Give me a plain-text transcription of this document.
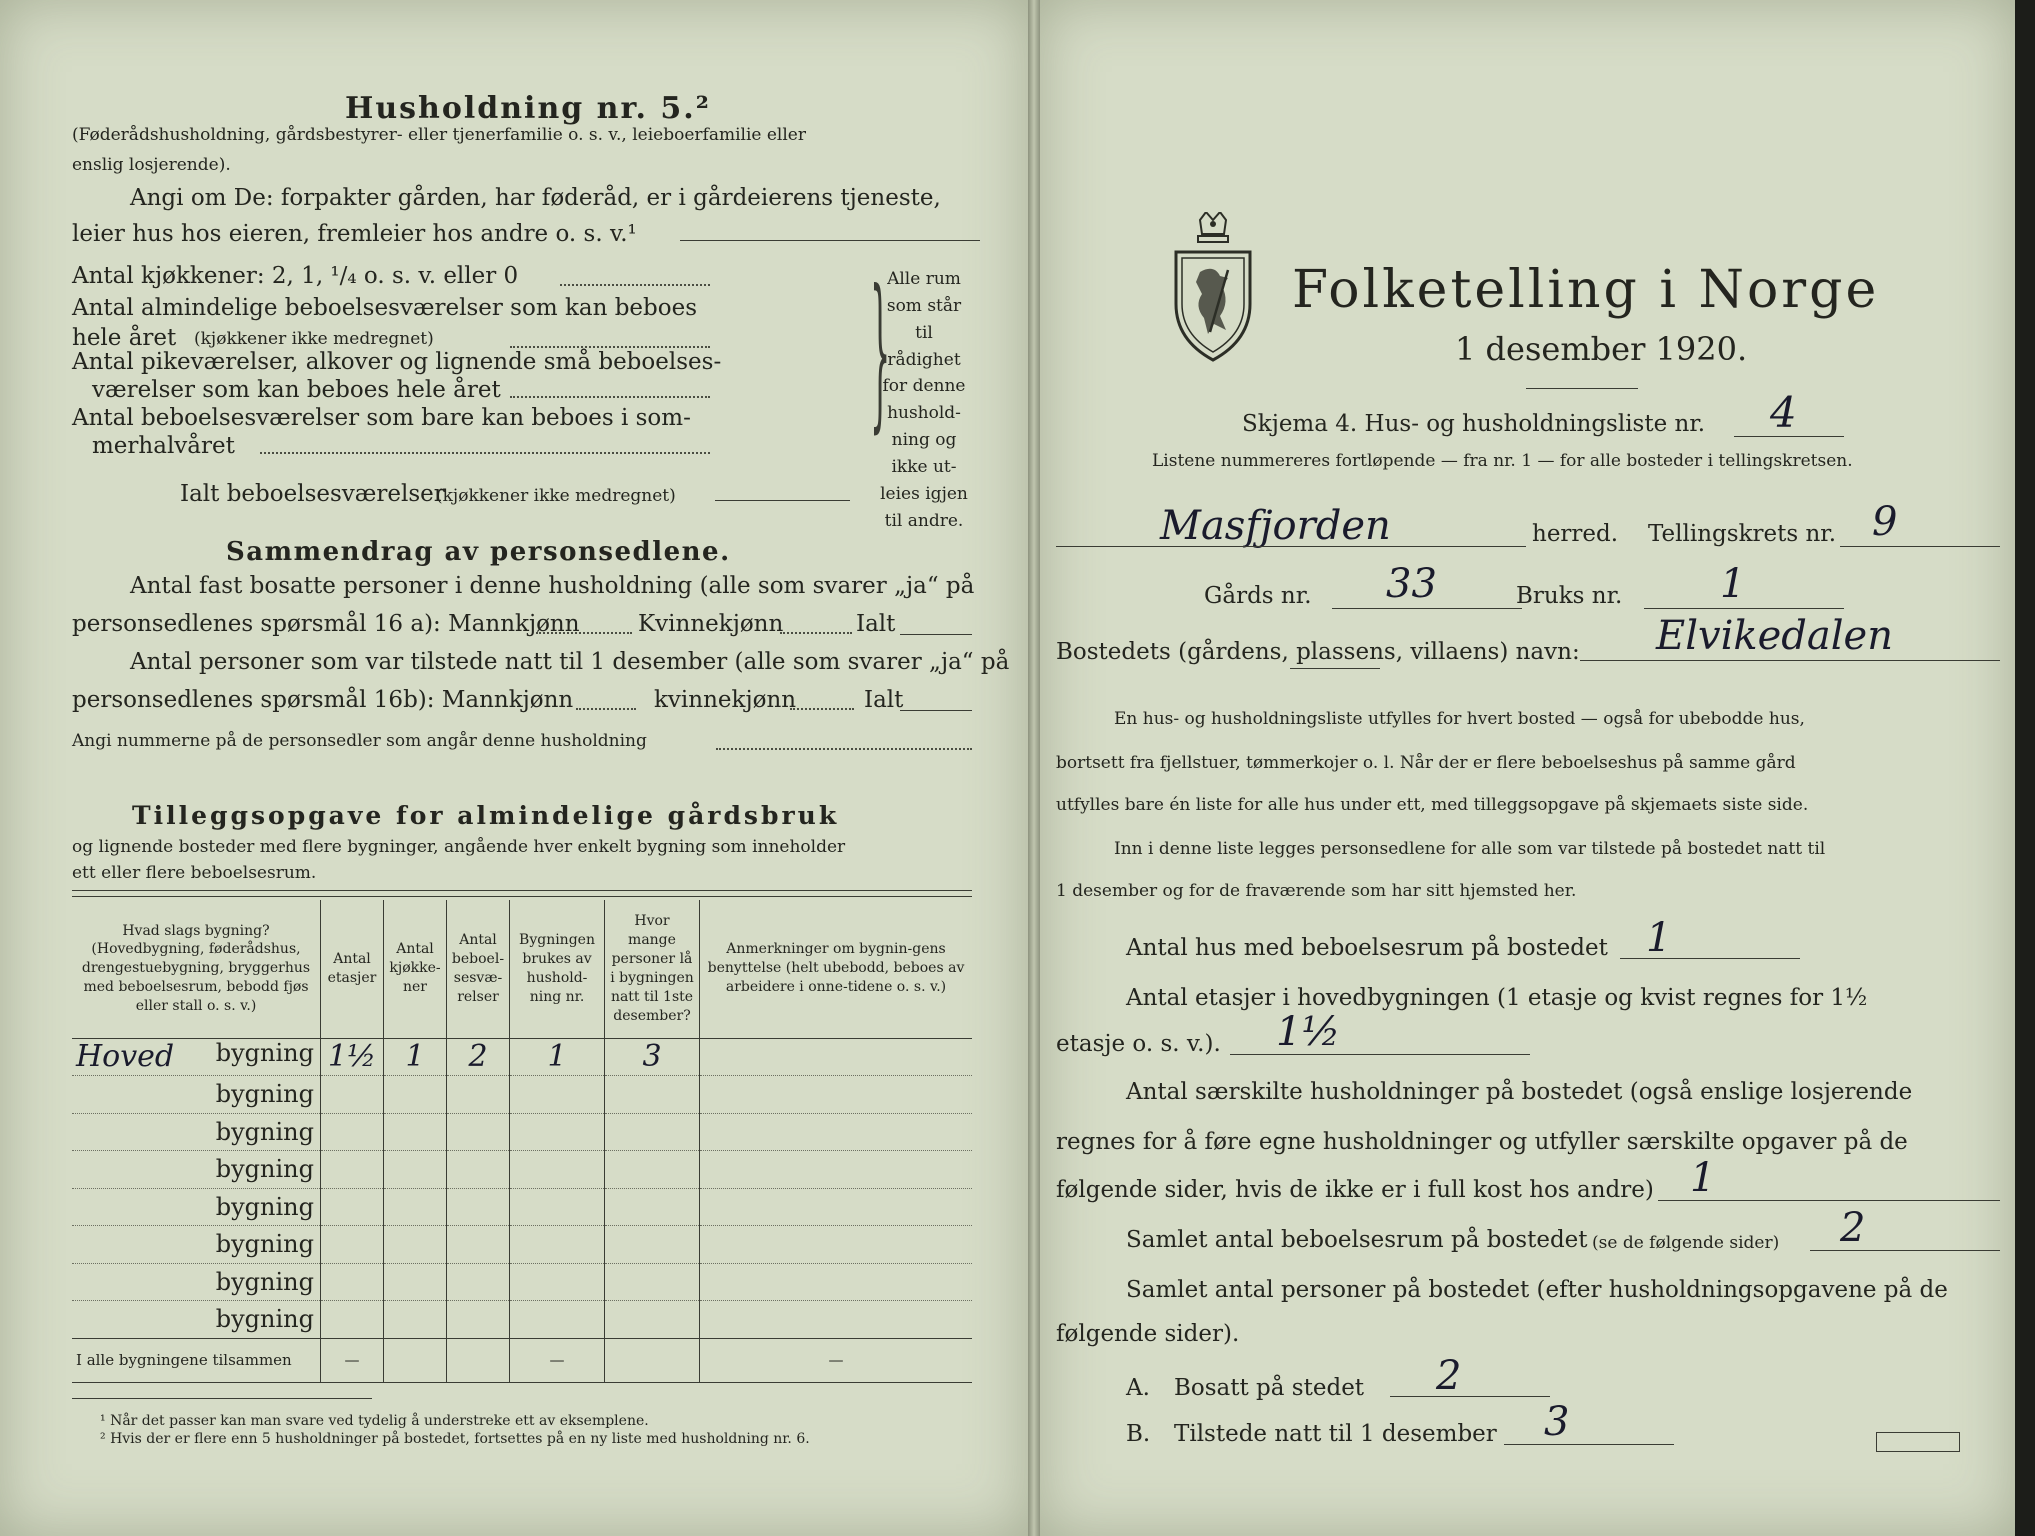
Husholdning nr. 5.²
(Føderådshusholdning, gårdsbestyrer- eller tjenerfamilie o. s. v., leieboerfamilie eller
enslig losjerende).
Angi om De: forpakter gården, har føderåd, er i gårdeierens tjeneste,
leier hus hos eieren, fremleier hos andre o. s. v.¹
Antal kjøkkener: 2, 1, ¹/₄ o. s. v. eller 0
Antal almindelige beboelsesværelser som kan beboes
hele året (kjøkkener ikke medregnet)
Antal pikeværelser, alkover og lignende små beboelses-
værelser som kan beboes hele året
Antal beboelsesværelser som bare kan beboes i som-
merhalvåret
Ialt beboelsesværelser
(kjøkkener ikke medregnet)
}
Alle rum
som står til
rådighet
for denne
hushold-
ning og
ikke ut-
leies igjen
til andre.
Sammendrag av personsedlene.
Antal fast bosatte personer i denne husholdning (alle som svarer „ja“ på
personsedlenes spørsmål 16 a): Mannkjønn	Kvinnekjønn	Ialt
Antal personer som var tilstede natt til 1 desember (alle som svarer „ja“ på
personsedlenes spørsmål 16b): Mannkjønn	kvinnekjønn	Ialt
Angi nummerne på de personsedler som angår denne husholdning
Tilleggsopgave for almindelige gårdsbruk
og lignende bosteder med flere bygninger, angående hver enkelt bygning som inneholder
ett eller flere beboelsesrum.
Hvad slags bygning?
(Hovedbygning, føderådshus, drengestuebygning, bryggerhus med beboelsesrum, bebodd fjøs eller stall o. s. v.)	Antal etasjer	Antal kjøkke-ner	Antal beboel-sesvæ-relser	Bygningen brukes av hushold-ning nr.	Hvor mange personer lå i bygningen natt til 1ste desember?	Anmerkninger om bygnin-gens benyttelse (helt ubebodd, beboes av arbeidere i onne-tidene o. s. v.)

Hoved bygning	1½	1	2	1	3	
bygning						
bygning						
bygning						
bygning						
bygning						
bygning						
bygning						
I alle bygningene tilsammen	—			—		—
¹ Når det passer kan man svare ved tydelig å understreke ett av eksemplene.
² Hvis der er flere enn 5 husholdninger på bostedet, fortsettes på en ny liste med husholdning nr. 6.
Folketelling i Norge
1 desember 1920.
Skjema 4. Hus- og husholdningsliste nr. 4
Listene nummereres fortløpende — fra nr. 1 — for alle bosteder i tellingskretsen.
Masfjorden	herred. Tellingskrets nr. 9
Gårds nr. 33	Bruks nr. 1
Bostedets (gårdens, plassens, villaens) navn: Elvikedalen
En hus- og husholdningsliste utfylles for hvert bosted — også for ubebodde hus,
bortsett fra fjellstuer, tømmerkojer o. l. Når der er flere beboelseshus på samme gård
utfylles bare én liste for alle hus under ett, med tilleggsopgave på skjemaets siste side.
Inn i denne liste legges personsedlene for alle som var tilstede på bostedet natt til
1 desember og for de fraværende som har sitt hjemsted her.
Antal hus med beboelsesrum på bostedet 1
Antal etasjer i hovedbygningen (1 etasje og kvist regnes for 1½
etasje o. s. v.). 1½
Antal særskilte husholdninger på bostedet (også enslige losjerende
regnes for å føre egne husholdninger og utfyller særskilte opgaver på de
følgende sider, hvis de ikke er i full kost hos andre) 1
Samlet antal beboelsesrum på bostedet (se de følgende sider) 2
Samlet antal personer på bostedet (efter husholdningsopgavene på de
følgende sider).
A. Bosatt på stedet 2
B. Tilstede natt til 1 desember 3
